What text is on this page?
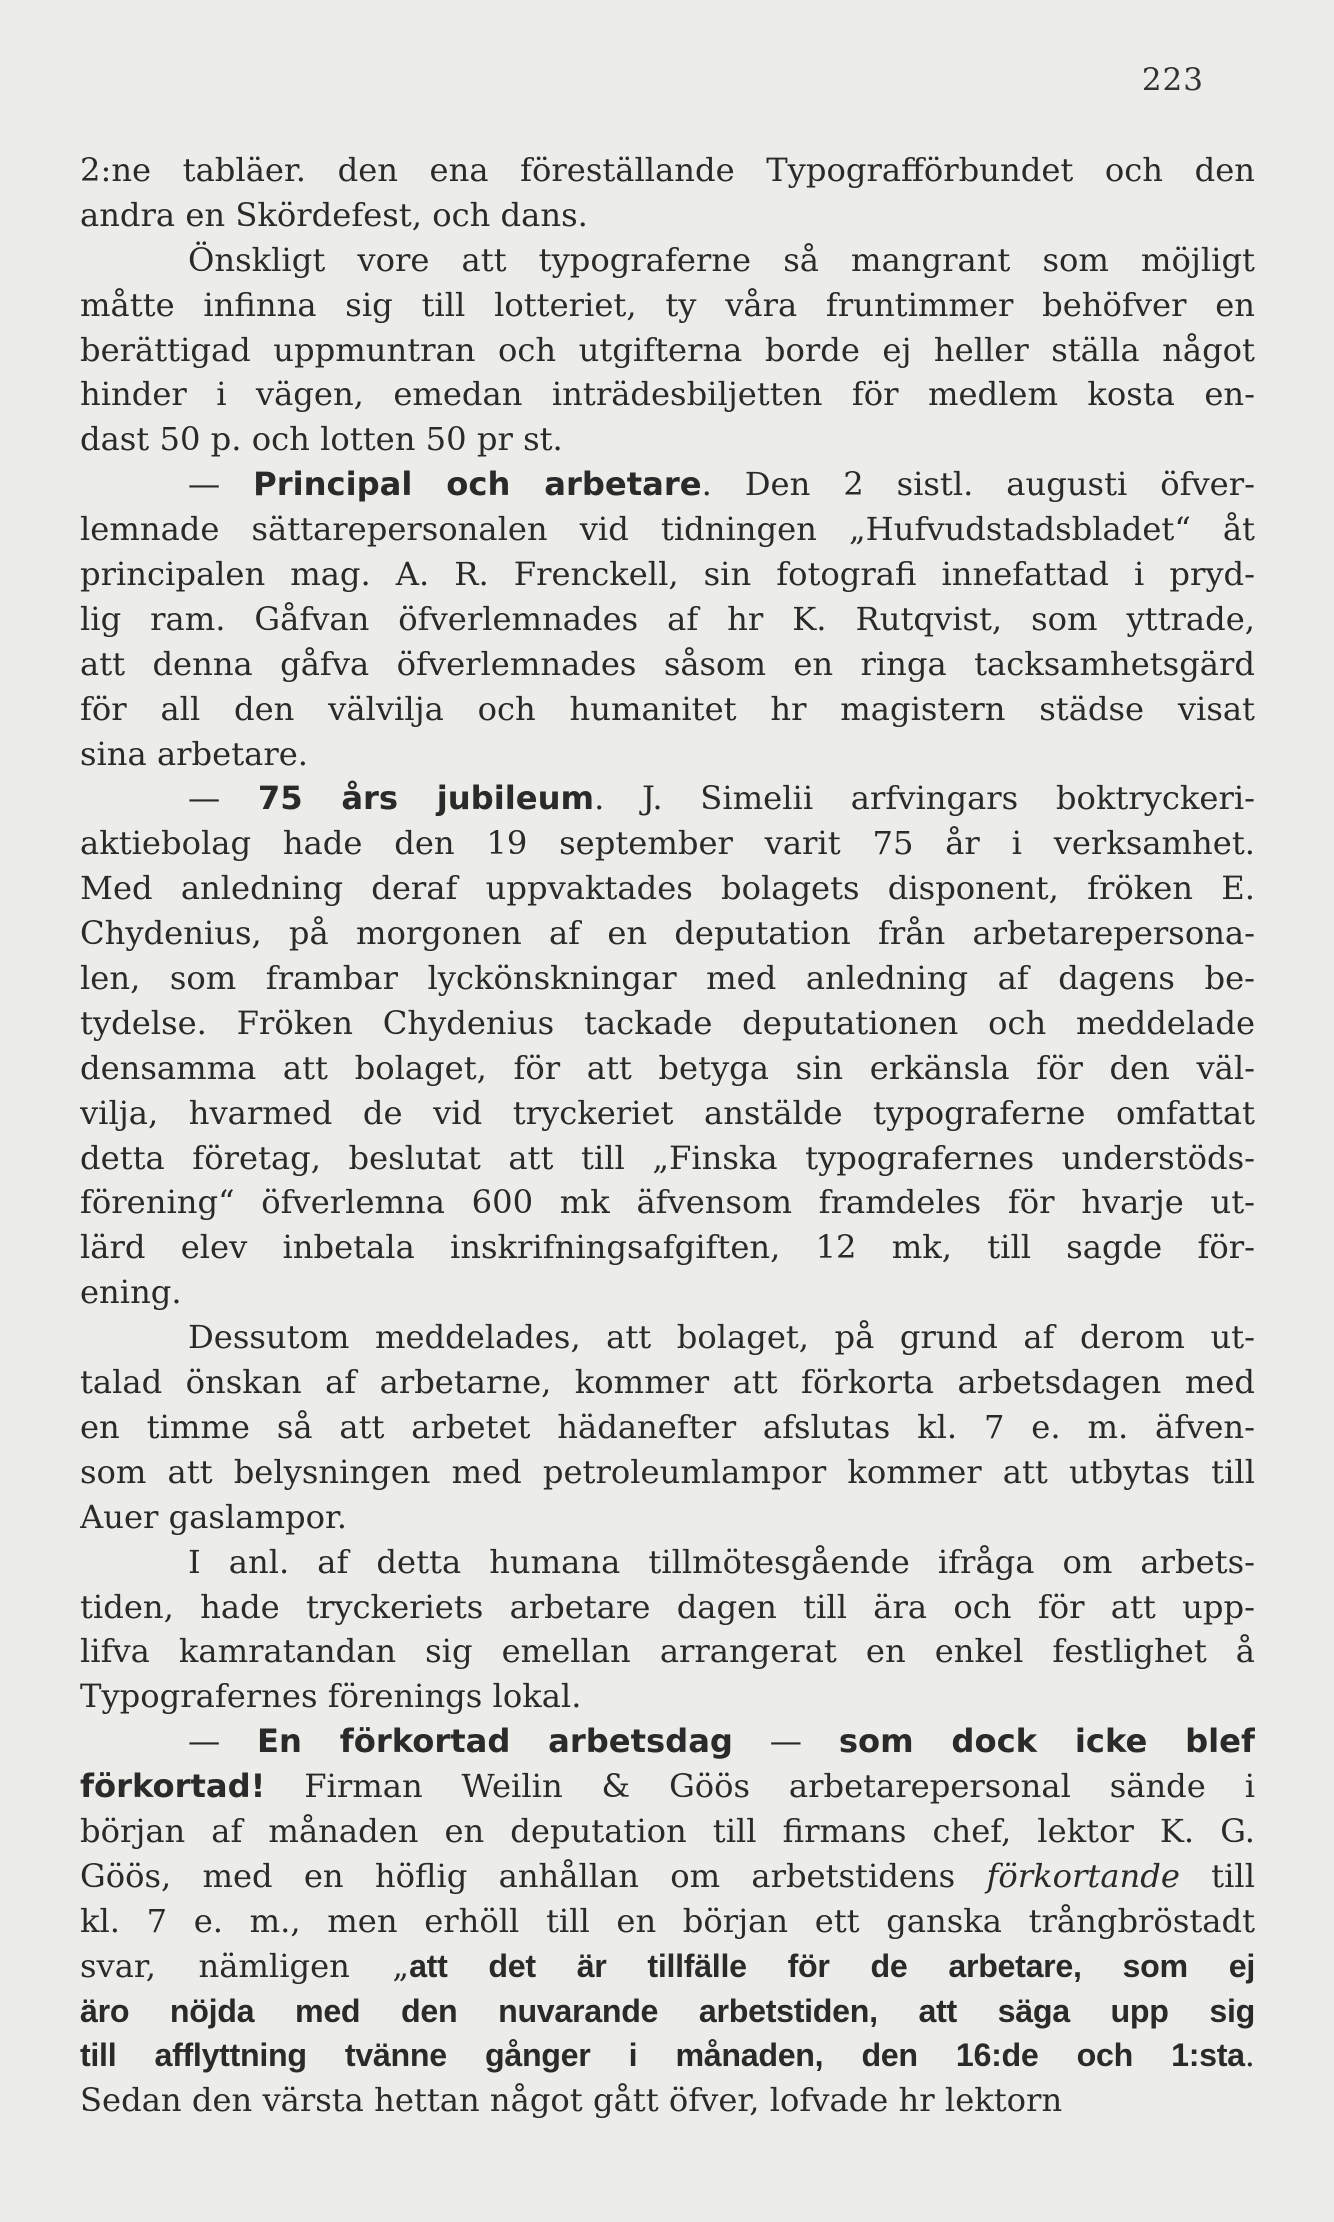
223
2:ne tabläer. den ena föreställande Typografförbundet och den
andra en Skördefest, och dans.
Önskligt vore att typograferne så mangrant som möjligt
måtte infinna sig till lotteriet, ty våra fruntimmer behöfver en
berättigad uppmuntran och utgifterna borde ej heller ställa något
hinder i vägen, emedan inträdesbiljetten för medlem kosta en-
dast 50 p. och lotten 50 pr st.
— Principal och arbetare. Den 2 sistl. augusti öfver-
lemnade sättarepersonalen vid tidningen „Hufvudstadsbladet“ åt
principalen mag. A. R. Frenckell, sin fotografi innefattad i pryd-
lig ram. Gåfvan öfverlemnades af hr K. Rutqvist, som yttrade,
att denna gåfva öfverlemnades såsom en ringa tacksamhetsgärd
för all den välvilja och humanitet hr magistern städse visat
sina arbetare.
— 75 års jubileum. J. Simelii arfvingars boktryckeri-
aktiebolag hade den 19 september varit 75 år i verksamhet.
Med anledning deraf uppvaktades bolagets disponent, fröken E.
Chydenius, på morgonen af en deputation från arbetarepersona-
len, som frambar lyckönskningar med anledning af dagens be-
tydelse. Fröken Chydenius tackade deputationen och meddelade
densamma att bolaget, för att betyga sin erkänsla för den väl-
vilja, hvarmed de vid tryckeriet anstälde typograferne omfattat
detta företag, beslutat att till „Finska typografernes understöds-
förening“ öfverlemna 600 mk äfvensom framdeles för hvarje ut-
lärd elev inbetala inskrifningsafgiften, 12 mk, till sagde för-
ening.
Dessutom meddelades, att bolaget, på grund af derom ut-
talad önskan af arbetarne, kommer att förkorta arbetsdagen med
en timme så att arbetet hädanefter afslutas kl. 7 e. m. äfven-
som att belysningen med petroleumlampor kommer att utbytas till
Auer gaslampor.
I anl. af detta humana tillmötesgående ifråga om arbets-
tiden, hade tryckeriets arbetare dagen till ära och för att upp-
lifva kamratandan sig emellan arrangerat en enkel festlighet å
Typografernes förenings lokal.
— En förkortad arbetsdag — som dock icke blef
förkortad! Firman Weilin & Göös arbetarepersonal sände i
början af månaden en deputation till firmans chef, lektor K. G.
Göös, med en höflig anhållan om arbetstidens förkortande till
kl. 7 e. m., men erhöll till en början ett ganska trångbröstadt
svar, nämligen „att det är tillfälle för de arbetare, som ej
äro nöjda med den nuvarande arbetstiden, att säga upp sig
till afflyttning tvänne gånger i månaden, den 16:de och 1:sta.
Sedan den värsta hettan något gått öfver, lofvade hr lektorn
